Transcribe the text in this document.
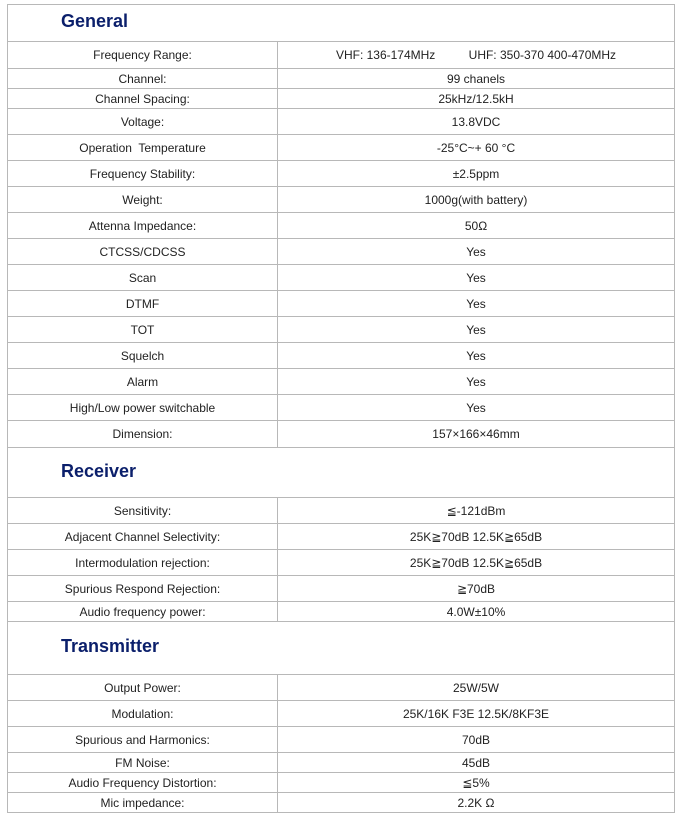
General	
Frequency Range:	VHF: 136-174MHz          UHF: 350-370 400-470MHz
Channel:	99 chanels
Channel Spacing:	25kHz/12.5kH
Voltage:	13.8VDC
Operation  Temperature	-25°C~+ 60 °C
Frequency Stability:	±2.5ppm
Weight:	1000g(with battery)
Attenna Impedance:	50Ω
CTCSS/CDCSS	Yes
Scan	Yes
DTMF	Yes
TOT	Yes
Squelch	Yes
Alarm	Yes
High/Low power switchable	Yes
Dimension:	157×166×46mm
Receiver	
Sensitivity:	≦-121dBm
Adjacent Channel Selectivity:	25K≧70dB 12.5K≧65dB
Intermodulation rejection:	25K≧70dB 12.5K≧65dB
Spurious Respond Rejection:	≧70dB
Audio frequency power:	4.0W±10%
Transmitter	
Output Power:	25W/5W
Modulation:	25K/16K F3E 12.5K/8KF3E
Spurious and Harmonics:	70dB
FM Noise:	45dB
Audio Frequency Distortion:	≦5%
Mic impedance:	2.2K Ω
